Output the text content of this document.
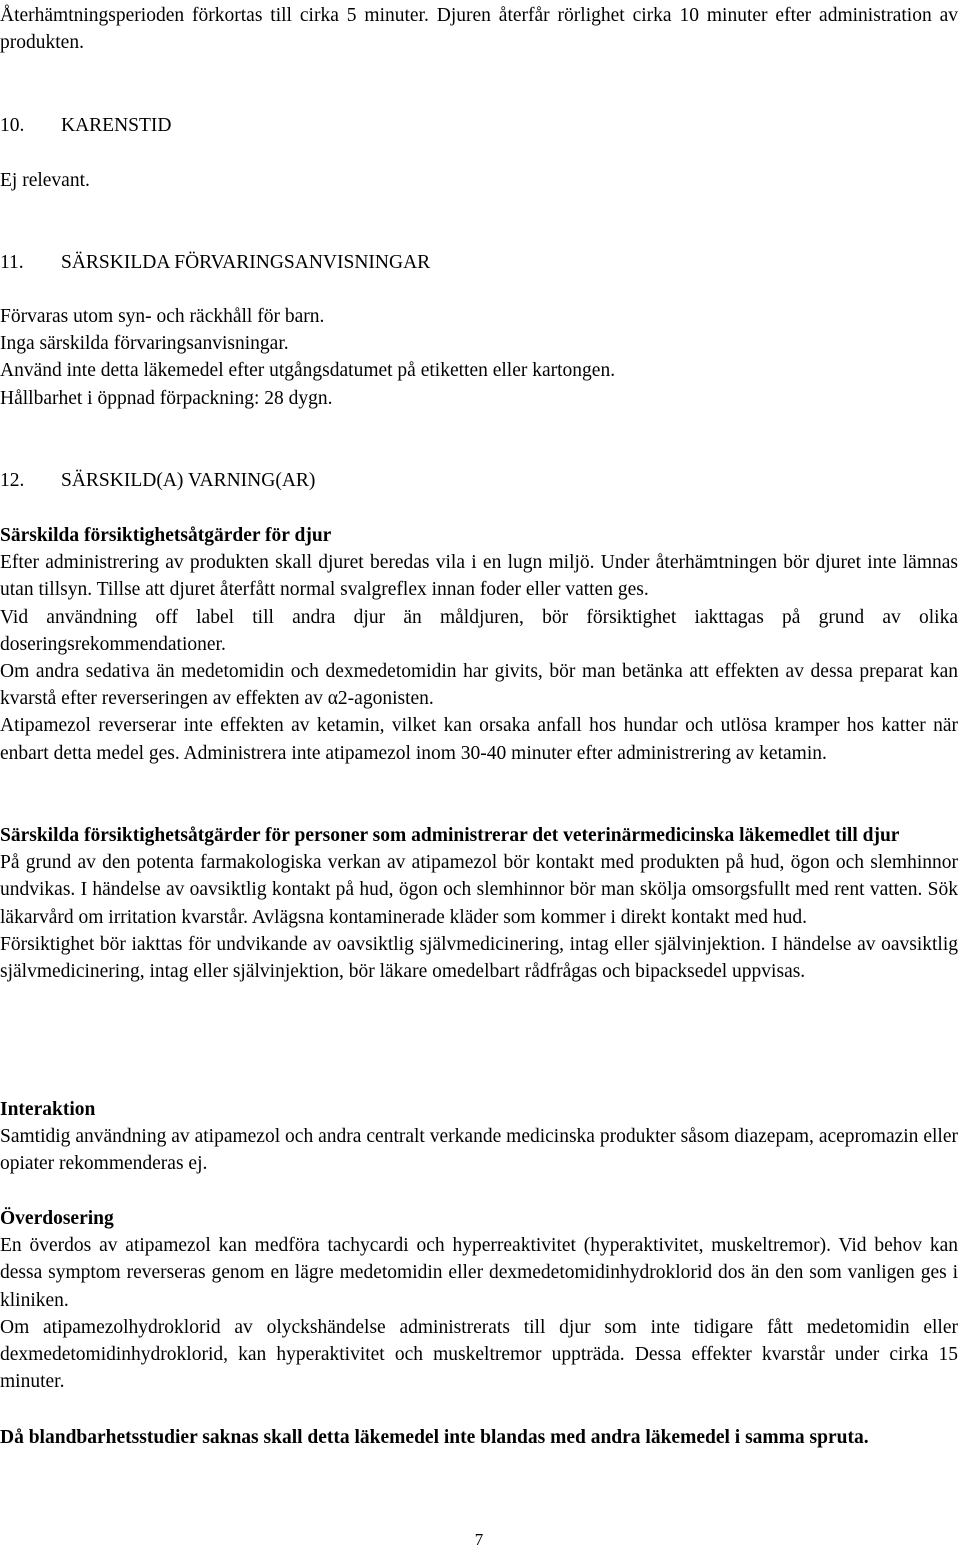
Återhämtningsperioden förkortas till cirka 5 minuter. Djuren återfår rörlighet cirka 10 minuter efter administration av produkten.

10. KARENSTID

Ej relevant.

11. SÄRSKILDA FÖRVARINGSANVISNINGAR

Förvaras utom syn- och räckhåll för barn.

Inga särskilda förvaringsanvisningar.

Använd inte detta läkemedel efter utgångsdatumet på etiketten eller kartongen.

Hållbarhet i öppnad förpackning: 28 dygn.

12. SÄRSKILD(A) VARNING(AR)

Särskilda försiktighetsåtgärder för djur

Efter administrering av produkten skall djuret beredas vila i en lugn miljö. Under återhämtningen bör djuret inte lämnas utan tillsyn. Tillse att djuret återfått normal svalgreflex innan foder eller vatten ges.

Vid användning off label till andra djur än måldjuren, bör försiktighet iakttagas på grund av olika doseringsrekommendationer.

Om andra sedativa än medetomidin och dexmedetomidin har givits, bör man betänka att effekten av dessa preparat kan kvarstå efter reverseringen av effekten av α2-agonisten.

Atipamezol reverserar inte effekten av ketamin, vilket kan orsaka anfall hos hundar och utlösa kramper hos katter när enbart detta medel ges. Administrera inte atipamezol inom 30-40 minuter efter administrering av ketamin.

Särskilda försiktighetsåtgärder för personer som administrerar det veterinärmedicinska läkemedlet till djur

På grund av den potenta farmakologiska verkan av atipamezol bör kontakt med produkten på hud, ögon och slemhinnor undvikas. I händelse av oavsiktlig kontakt på hud, ögon och slemhinnor bör man skölja omsorgsfullt med rent vatten. Sök läkarvård om irritation kvarstår. Avlägsna kontaminerade kläder som kommer i direkt kontakt med hud.

Försiktighet bör iakttas för undvikande av oavsiktlig självmedicinering, intag eller självinjektion. I händelse av oavsiktlig självmedicinering, intag eller självinjektion, bör läkare omedelbart rådfrågas och bipacksedel uppvisas.

Interaktion

Samtidig användning av atipamezol och andra centralt verkande medicinska produkter såsom diazepam, acepromazin eller opiater rekommenderas ej.

Överdosering

En överdos av atipamezol kan medföra tachycardi och hyperreaktivitet (hyperaktivitet, muskeltremor). Vid behov kan dessa symptom reverseras genom en lägre medetomidin eller dexmedetomidinhydroklorid dos än den som vanligen ges i kliniken.

Om atipamezolhydroklorid av olyckshändelse administrerats till djur som inte tidigare fått medetomidin eller dexmedetomidinhydroklorid, kan hyperaktivitet och muskeltremor uppträda. Dessa effekter kvarstår under cirka 15 minuter.

Då blandbarhetsstudier saknas skall detta läkemedel inte blandas med andra läkemedel i samma spruta.

7
